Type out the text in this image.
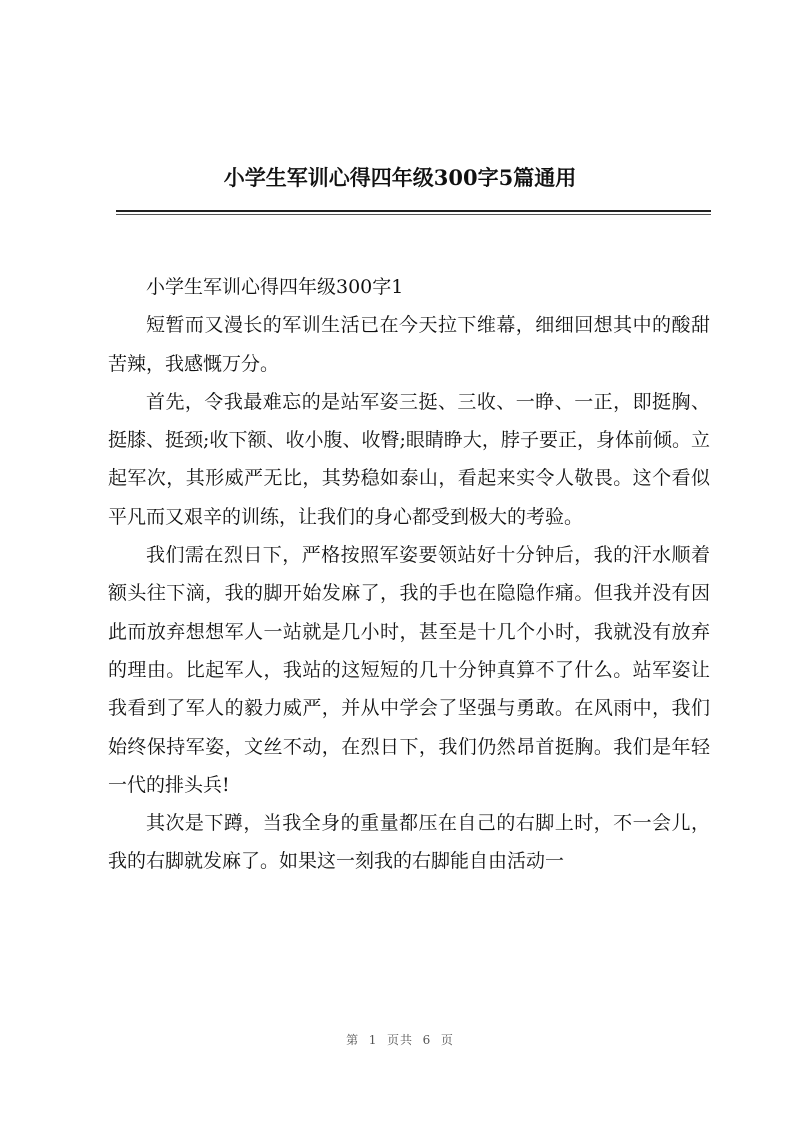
小学生军训心得四年级300字5篇通用

小学生军训心得四年级300字1

短暂而又漫长的军训生活已在今天拉下维幕，细细回想其中的酸甜苦辣，我感慨万分。

首先，令我最难忘的是站军姿三挺、三收、一睁、一正，即挺胸、挺膝、挺颈;收下额、收小腹、收臀;眼睛睁大，脖子要正，身体前倾。立起军次，其形威严无比，其势稳如泰山，看起来实令人敬畏。这个看似平凡而又艰辛的训练，让我们的身心都受到极大的考验。

我们需在烈日下，严格按照军姿要领站好十分钟后，我的汗水顺着额头往下滴，我的脚开始发麻了，我的手也在隐隐作痛。但我并没有因此而放弃想想军人一站就是几小时，甚至是十几个小时，我就没有放弃的理由。比起军人，我站的这短短的几十分钟真算不了什么。站军姿让我看到了军人的毅力威严，并从中学会了坚强与勇敢。在风雨中，我们始终保持军姿，文丝不动，在烈日下，我们仍然昂首挺胸。我们是年轻一代的排头兵!

其次是下蹲，当我全身的重量都压在自己的右脚上时，不一会儿，我的右脚就发麻了。如果这一刻我的右脚能自由活动一

第  1  页共  6  页
